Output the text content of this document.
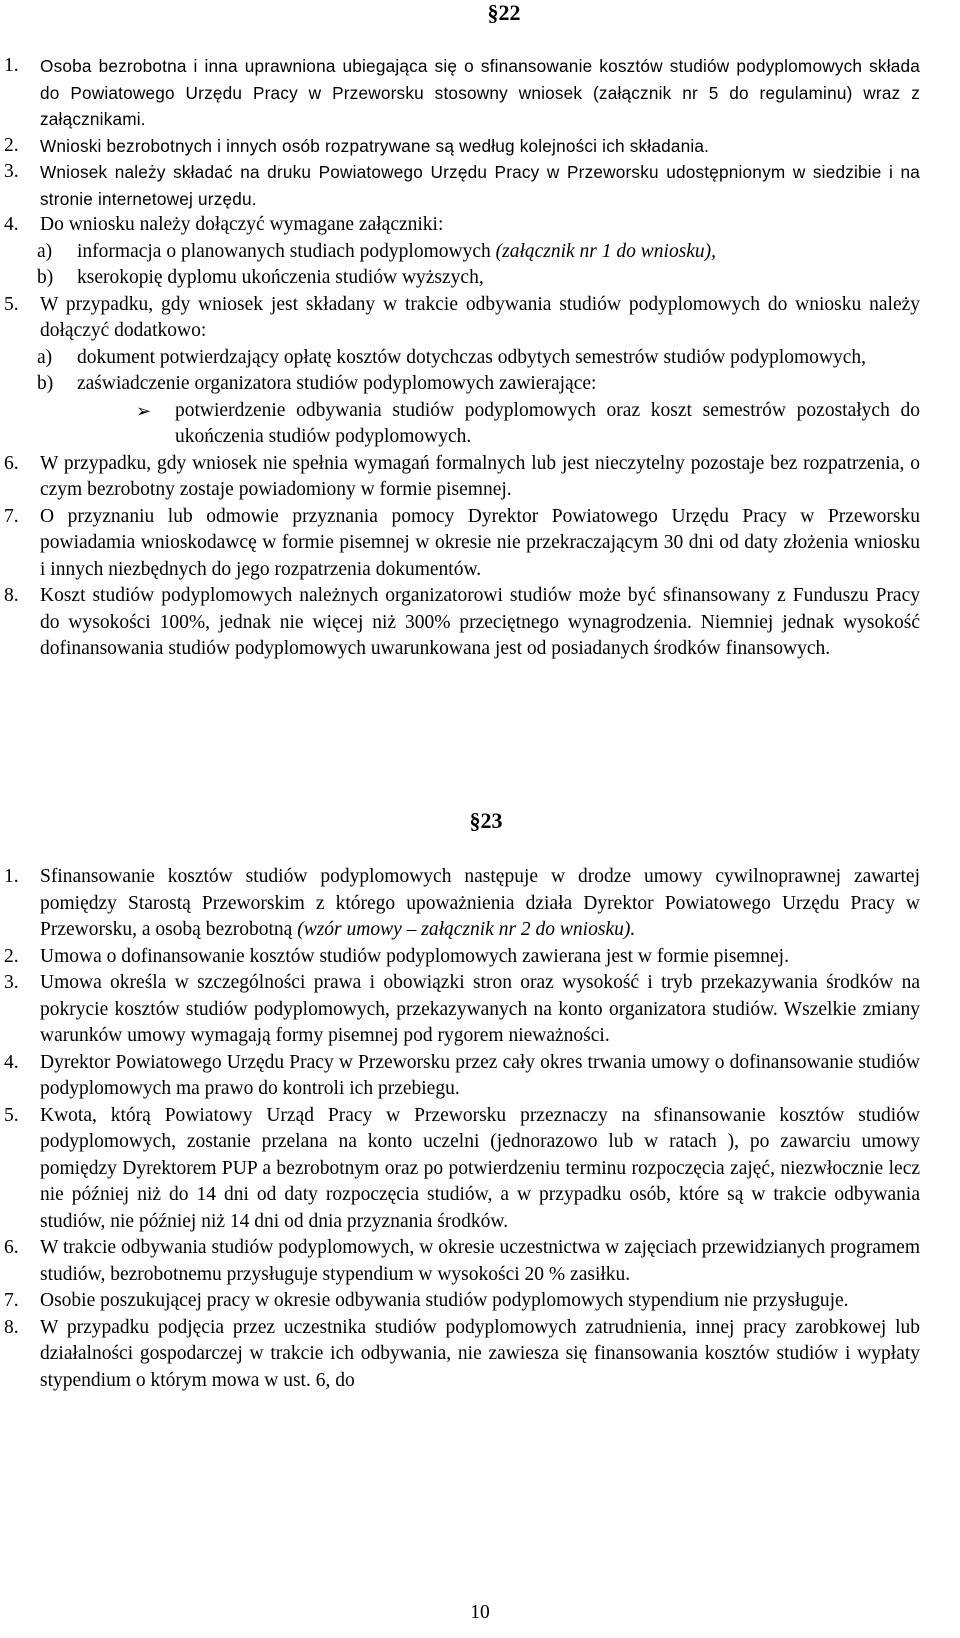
§22
1. Osoba bezrobotna i inna uprawniona ubiegająca się o sfinansowanie kosztów studiów podyplomowych składa do Powiatowego Urzędu Pracy w Przeworsku stosowny wniosek (załącznik nr 5 do regulaminu) wraz z załącznikami.
2. Wnioski bezrobotnych i innych osób rozpatrywane są według kolejności ich składania.
3. Wniosek należy składać na druku Powiatowego Urzędu Pracy w Przeworsku udostępnionym w siedzibie i na stronie internetowej urzędu.
4. Do wniosku należy dołączyć wymagane załączniki:
a) informacja o planowanych studiach podyplomowych (załącznik nr 1 do wniosku),
b) kserokopię dyplomu ukończenia studiów wyższych,
5. W przypadku, gdy wniosek jest składany w trakcie odbywania studiów podyplomowych do wniosku należy dołączyć dodatkowo:
a) dokument potwierdzający opłatę kosztów dotychczas odbytych semestrów studiów podyplomowych,
b) zaświadczenie organizatora studiów podyplomowych zawierające:
➢ potwierdzenie odbywania studiów podyplomowych oraz koszt semestrów pozostałych do ukończenia studiów podyplomowych.
6. W przypadku, gdy wniosek nie spełnia wymagań formalnych lub jest nieczytelny pozostaje bez rozpatrzenia, o czym bezrobotny zostaje powiadomiony w formie pisemnej.
7. O przyznaniu lub odmowie przyznania pomocy Dyrektor Powiatowego Urzędu Pracy w Przeworsku powiadamia wnioskodawcę w formie pisemnej w okresie nie przekraczającym 30 dni od daty złożenia wniosku i innych niezbędnych do jego rozpatrzenia dokumentów.
8. Koszt studiów podyplomowych należnych organizatorowi studiów może być sfinansowany z Funduszu Pracy do wysokości 100%, jednak nie więcej niż 300% przeciętnego wynagrodzenia. Niemniej jednak wysokość dofinansowania studiów podyplomowych uwarunkowana jest od posiadanych środków finansowych.
§23
1. Sfinansowanie kosztów studiów podyplomowych następuje w drodze umowy cywilnoprawnej zawartej pomiędzy Starostą Przeworskim z którego upoważnienia działa Dyrektor Powiatowego Urzędu Pracy w Przeworsku, a osobą bezrobotną (wzór umowy – załącznik nr 2 do wniosku).
2. Umowa o dofinansowanie kosztów studiów podyplomowych zawierana jest w formie pisemnej.
3. Umowa określa w szczególności prawa i obowiązki stron oraz wysokość i tryb przekazywania środków na pokrycie kosztów studiów podyplomowych, przekazywanych na konto organizatora studiów. Wszelkie zmiany warunków umowy wymagają formy pisemnej pod rygorem nieważności.
4. Dyrektor Powiatowego Urzędu Pracy w Przeworsku przez cały okres trwania umowy o dofinansowanie studiów podyplomowych ma prawo do kontroli ich przebiegu.
5. Kwota, którą Powiatowy Urząd Pracy w Przeworsku przeznaczy na sfinansowanie kosztów studiów podyplomowych, zostanie przelana na konto uczelni (jednorazowo lub w ratach ), po zawarciu umowy pomiędzy Dyrektorem PUP a bezrobotnym oraz po potwierdzeniu terminu rozpoczęcia zajęć, niezwłocznie lecz nie później niż do 14 dni od daty rozpoczęcia studiów, a w przypadku osób, które są w trakcie odbywania studiów, nie później niż 14 dni od dnia przyznania środków.
6. W trakcie odbywania studiów podyplomowych, w okresie uczestnictwa w zajęciach przewidzianych programem studiów, bezrobotnemu przysługuje stypendium w wysokości 20 % zasiłku.
7. Osobie poszukującej pracy w okresie odbywania studiów podyplomowych stypendium nie przysługuje.
8. W przypadku podjęcia przez uczestnika studiów podyplomowych zatrudnienia, innej pracy zarobkowej lub działalności gospodarczej w trakcie ich odbywania, nie zawiesza się finansowania kosztów studiów i wypłaty stypendium o którym mowa w ust. 6, do
10
